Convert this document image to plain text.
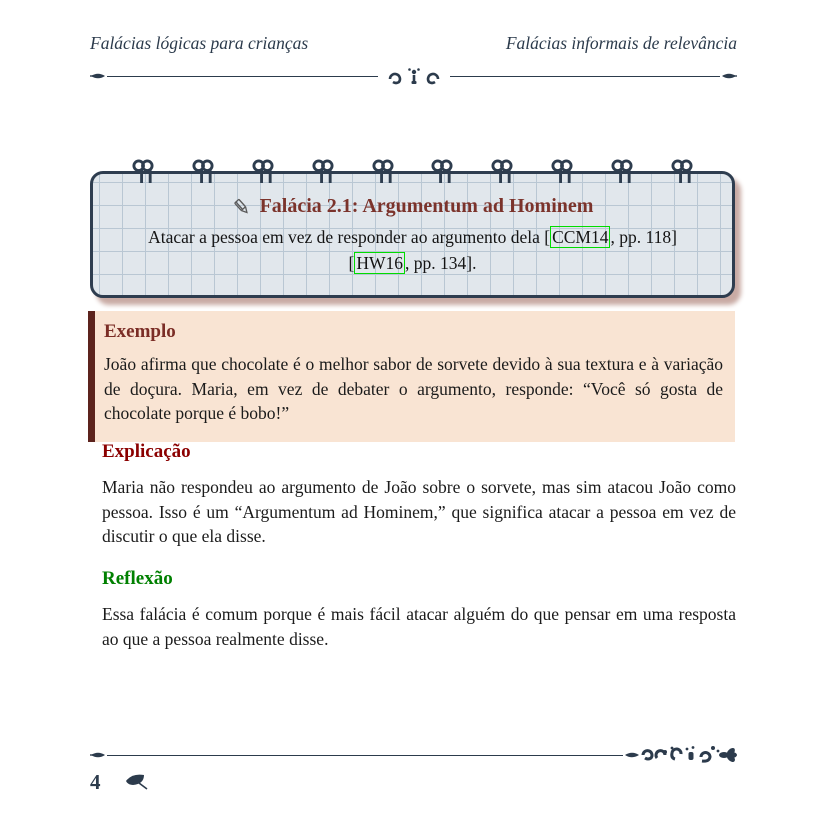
Falácias lógicas para crianças	Falácias informais de relevância
Falácia 2.1: Argumentum ad Hominem
Atacar a pessoa em vez de responder ao argumento dela [ CCM14 , pp. 118][ HW16 , pp. 134].
Exemplo

João afirma que chocolate é o melhor sabor de sorvete devido à sua textura e à variação de doçura. Maria, em vez de debater o argumento, responde: “Você só gosta de chocolate porque é bobo!”

Explicação

Maria não respondeu ao argumento de João sobre o sorvete, mas sim atacou João como pessoa. Isso é um “Argumentum ad Hominem,” que significa atacar a pessoa em vez de discutir o que ela disse.

Reflexão

Essa falácia é comum porque é mais fácil atacar alguém do que pensar em uma resposta ao que a pessoa realmente disse.

4
